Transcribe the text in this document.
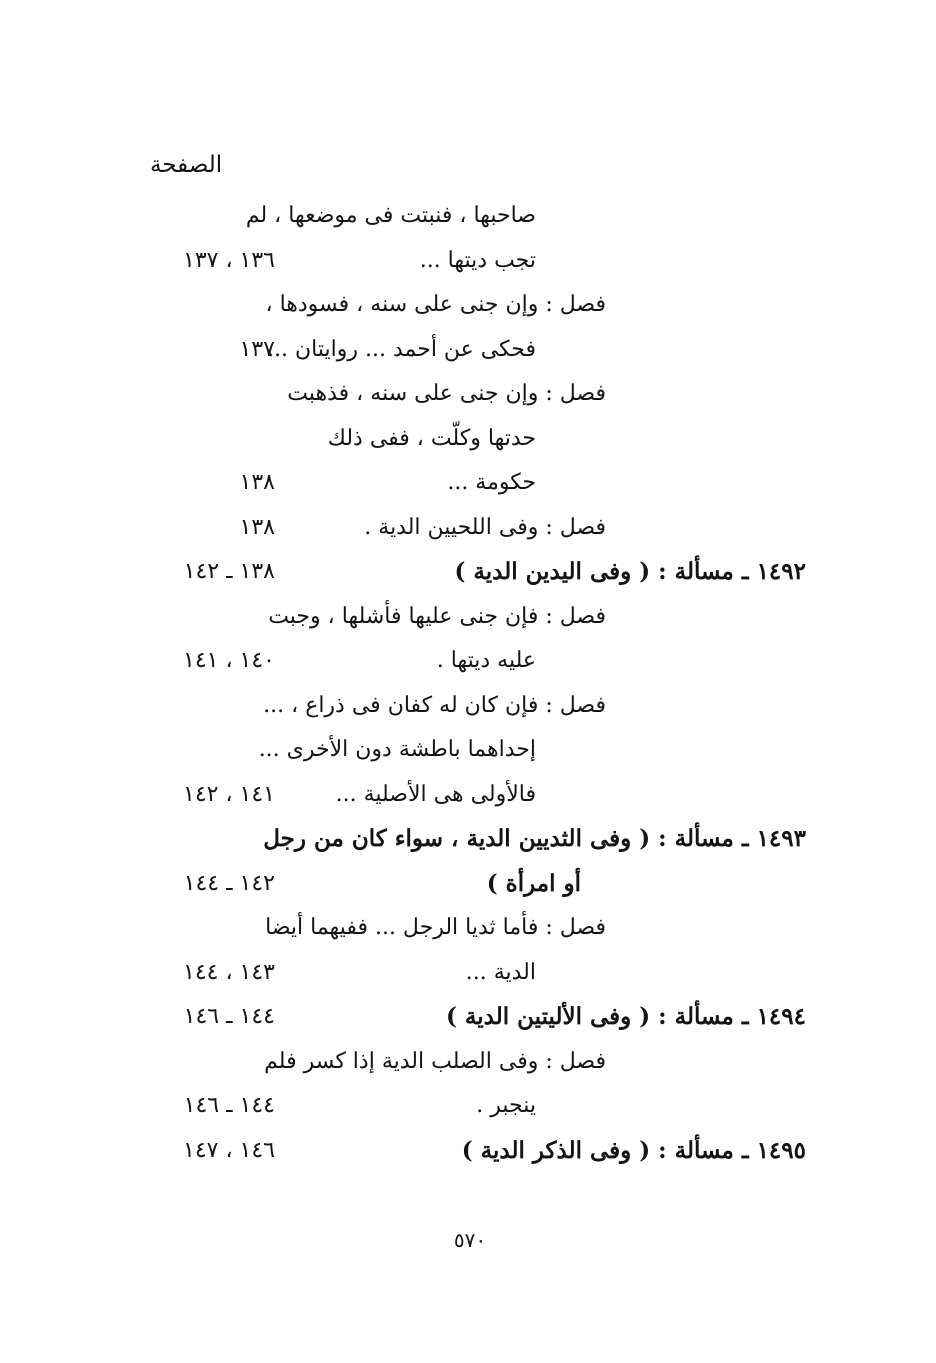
الصفحة
صاحبها ، فنبتت فى موضعها ، لم
تجب ديتها ...
١٣٦ ، ١٣٧
فصل : وإن جنى على سنه ، فسودها ،
فحكى عن أحمد ... روايتان ...
١٣٧
فصل : وإن جنى على سنه ، فذهبت
حدتها وكلّت ، ففى ذلك
حكومة ...
١٣٨
فصل : وفى اللحيين الدية .
١٣٨
١٤٩٢ ـ مسألة : ( وفى اليدين الدية )
١٣٨ ـ ١٤٢
فصل : فإن جنى عليها فأشلها ، وجبت
عليه ديتها .
١٤٠ ، ١٤١
فصل : فإن كان له كفان فى ذراع ، ...
إحداهما باطشة دون الأخرى ...
فالأولى هى الأصلية ...
١٤١ ، ١٤٢
١٤٩٣ ـ مسألة : ( وفى الثديين الدية ، سواء كان من رجل
أو امرأة )
١٤٢ ـ ١٤٤
فصل : فأما ثديا الرجل ... ففيهما أيضا
الدية ...
١٤٣ ، ١٤٤
١٤٩٤ ـ مسألة : ( وفى الأليتين الدية )
١٤٤ ـ ١٤٦
فصل : وفى الصلب الدية إذا كسر فلم
ينجبر .
١٤٤ ـ ١٤٦
١٤٩٥ ـ مسألة : ( وفى الذكر الدية )
١٤٦ ، ١٤٧
٥٧٠
